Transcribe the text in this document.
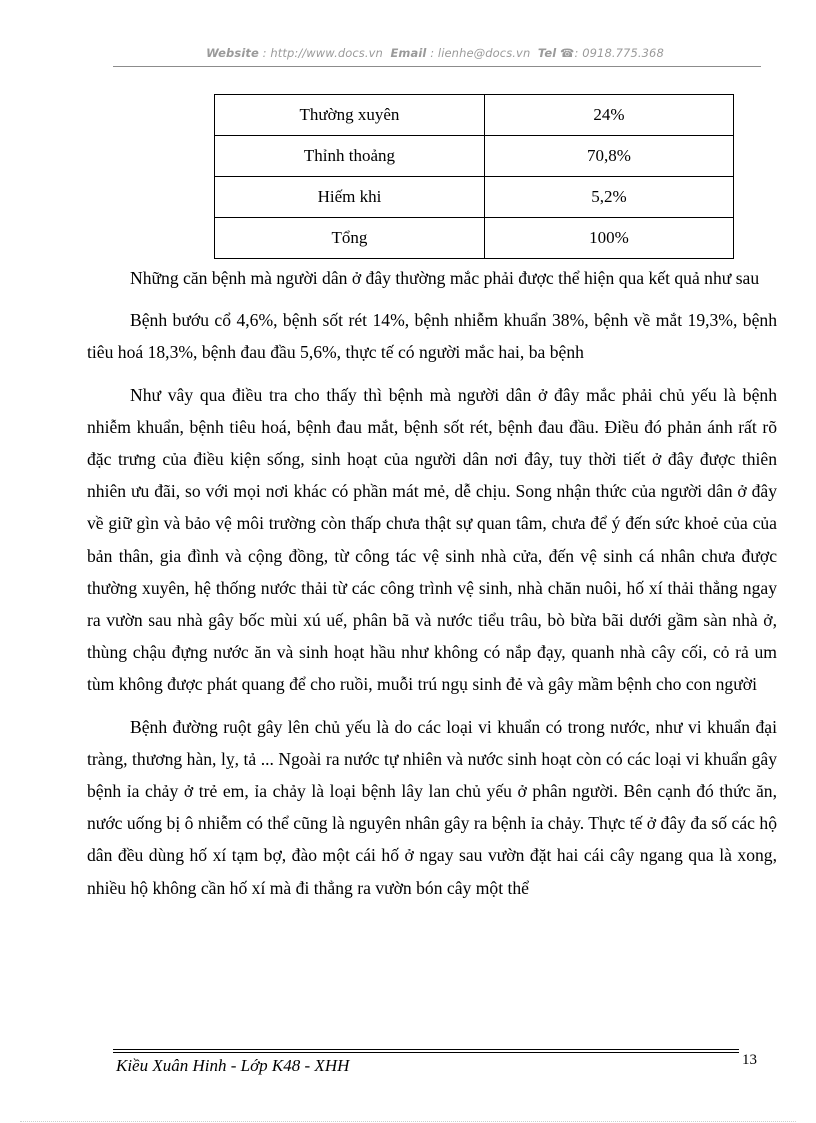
Website : http://www.docs.vn Email : lienhe@docs.vn Tel ☎: 0918.775.368
Thường xuyên	24%
Thỉnh thoảng	70,8%
Hiếm khi	5,2%
Tổng	100%

Những căn bệnh mà người dân ở đây thường mắc phải được thể hiện qua kết quả như sau

Bệnh bướu cổ 4,6%, bệnh sốt rét 14%, bệnh nhiễm khuẩn 38%, bệnh về mắt 19,3%, bệnh tiêu hoá 18,3%, bệnh đau đầu 5,6%, thực tế có người mắc hai, ba bệnh

Như vây qua điều tra cho thấy thì bệnh mà người dân ở đây mắc phải chủ yếu là bệnh nhiễm khuẩn, bệnh tiêu hoá, bệnh đau mắt, bệnh sốt rét, bệnh đau đầu. Điều đó phản ánh rất rõ đặc trưng của điều kiện sống, sinh hoạt của người dân nơi đây, tuy thời tiết ở đây được thiên nhiên ưu đãi, so với mọi nơi khác có phần mát mẻ, dễ chịu. Song nhận thức của người dân ở đây về giữ gìn và bảo vệ môi trường còn thấp chưa thật sự quan tâm, chưa để ý đến sức khoẻ của của bản thân, gia đình và cộng đồng, từ công tác vệ sinh nhà cửa, đến vệ sinh cá nhân chưa được thường xuyên, hệ thống nước thải từ các công trình vệ sinh, nhà chăn nuôi, hố xí thải thẳng ngay ra vườn sau nhà gây bốc mùi xú uế, phân bã và nước tiểu trâu, bò bừa bãi dưới gầm sàn nhà ở, thùng chậu đựng nước ăn và sinh hoạt hầu như không có nắp đạy, quanh nhà cây cối, cỏ rả um tùm không được phát quang để cho ruồi, muỗi trú ngụ sinh đẻ và gây mầm bệnh cho con người

Bệnh đường ruột gây lên chủ yếu là do các loại vi khuẩn có trong nước, như vi khuẩn đại tràng, thương hàn, lỵ, tả ... Ngoài ra nước tự nhiên và nước sinh hoạt còn có các loại vi khuẩn gây bệnh ỉa chảy ở trẻ em, ỉa chảy là loại bệnh lây lan chủ yếu ở phân người. Bên cạnh đó thức ăn, nước uống bị ô nhiễm có thể cũng là nguyên nhân gây ra bệnh ỉa chảy. Thực tế ở đây đa số các hộ dân đều dùng hố xí tạm bợ, đào một cái hố ở ngay sau vườn đặt hai cái cây ngang qua là xong, nhiều hộ không cần hố xí mà đi thẳng ra vườn bón cây một thể

Kiều Xuân Hinh - Lớp K48 - XHH	13
